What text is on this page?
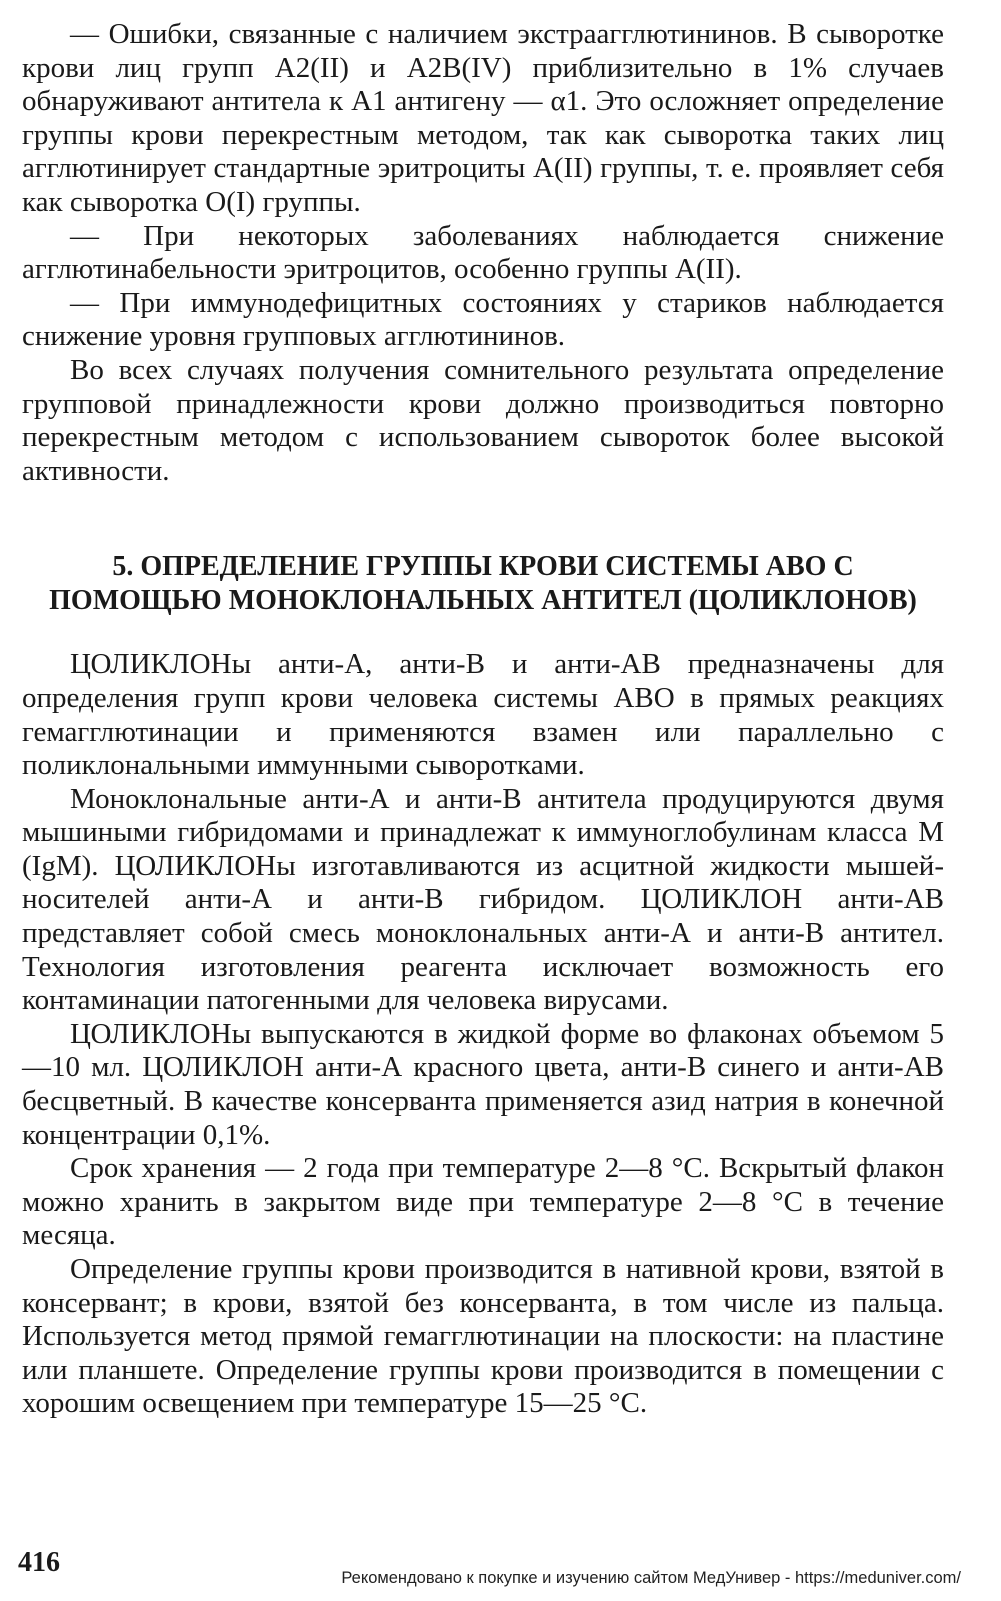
— Ошибки, связанные с наличием экстраагглютининов. В сыворотке крови лиц групп A2(II) и A2B(IV) приблизительно в 1% случаев обнаруживают антитела к A1 антигену — α1. Это осложняет определение группы крови перекрестным методом, так как сыворотка таких лиц агглютинирует стандартные эритроциты A(II) группы, т. е. проявляет себя как сыворотка O(I) группы.

— При некоторых заболеваниях наблюдается снижение агглютинабельности эритроцитов, особенно группы A(II).

— При иммунодефицитных состояниях у стариков наблюдается снижение уровня групповых агглютининов.

Во всех случаях получения сомнительного результата определение групповой принадлежности крови должно производиться повторно перекрестным методом с использованием сывороток более высокой активности.

5. ОПРЕДЕЛЕНИЕ ГРУППЫ КРОВИ СИСТЕМЫ АВО С ПОМОЩЬЮ МОНОКЛОНАЛЬНЫХ АНТИТЕЛ (ЦОЛИКЛОНОВ)

ЦОЛИКЛОНы анти-А, анти-В и анти-АВ предназначены для определения групп крови человека системы АВО в прямых реакциях гемагглютинации и применяются взамен или параллельно с поликлональными иммунными сыворотками.

Моноклональные анти-А и анти-В антитела продуцируются двумя мышиными гибридомами и принадлежат к иммуноглобулинам класса М (IgM). ЦОЛИКЛОНы изготавливаются из асцитной жидкости мышей-носителей анти-А и анти-В гибридом. ЦОЛИКЛОН анти-АВ представляет собой смесь моноклональных анти-А и анти-В антител. Технология изготовления реагента исключает возможность его контаминации патогенными для человека вирусами.

ЦОЛИКЛОНы выпускаются в жидкой форме во флаконах объемом 5—10 мл. ЦОЛИКЛОН анти-А красного цвета, анти-В синего и анти-АВ бесцветный. В качестве консерванта применяется азид натрия в конечной концентрации 0,1%.

Срок хранения — 2 года при температуре 2—8 °С. Вскрытый флакон можно хранить в закрытом виде при температуре 2—8 °С в течение месяца.

Определение группы крови производится в нативной крови, взятой в консервант; в крови, взятой без консерванта, в том числе из пальца. Используется метод прямой гемагглютинации на плоскости: на пластине или планшете. Определение группы крови производится в помещении с хорошим освещением при температуре 15—25 °С.

416	Рекомендовано к покупке и изучению сайтом МедУнивер - https://meduniver.com/
